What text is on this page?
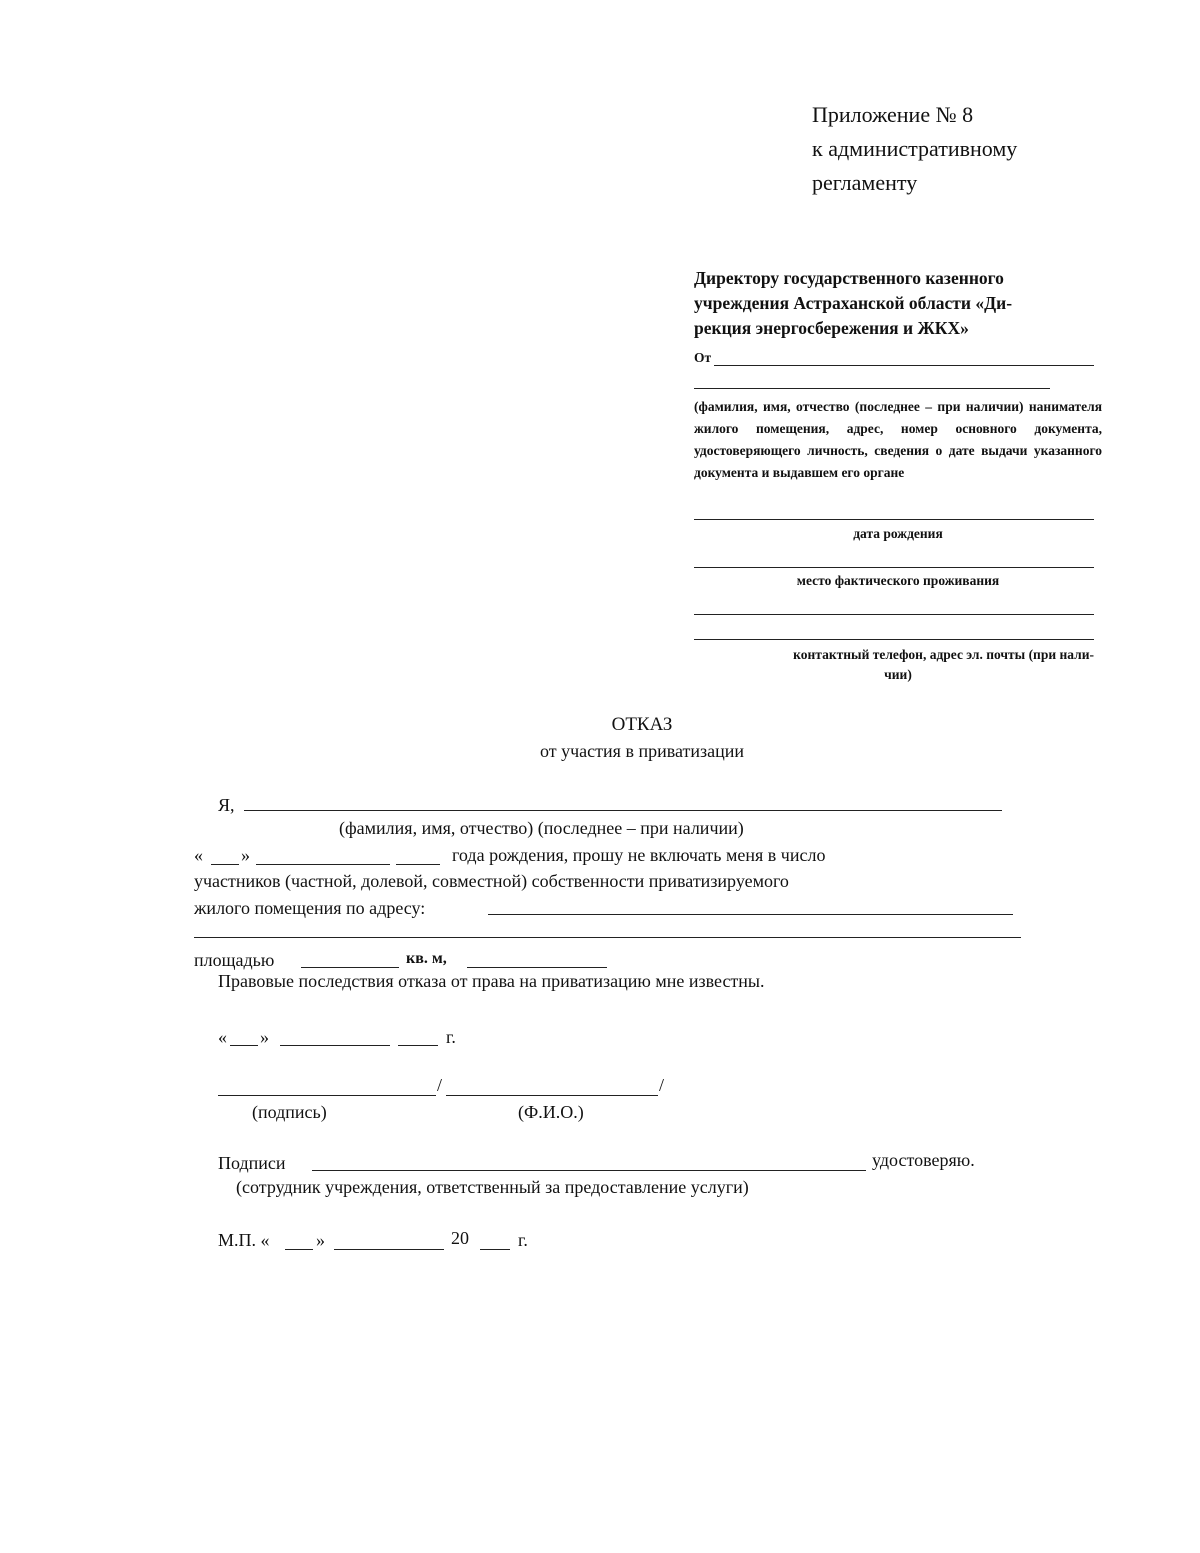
Приложение № 8
к административному
регламенту
Директору государственного казенного
учреждения Астраханской области «Ди-
рекция энергосбережения и ЖКХ»
От
(фамилия, имя, отчество (последнее – при наличии) нанимателя жилого помещения, адрес, номер основного документа, удостоверяющего личность, сведения о дате выдачи указанного документа и выдавшем его органе
дата рождения
место фактического проживания
контактный телефон, адрес эл. почты (при нали-
чии)
ОТКАЗ
от участия в приватизации
Я,
(фамилия, имя, отчество) (последнее – при наличии)
« »	года рождения, прошу не включать меня в число
участников (частной, долевой, совместной) собственности приватизируемого
жилого помещения по адресу:
площадью	кв. м,
Правовые последствия отказа от права на приватизацию мне известны.
« »	г.
/	/
(подпись)	(Ф.И.О.)
Подписи	удостоверяю.
(сотрудник учреждения, ответственный за предоставление услуги)
М.П. «	»	20	г.
